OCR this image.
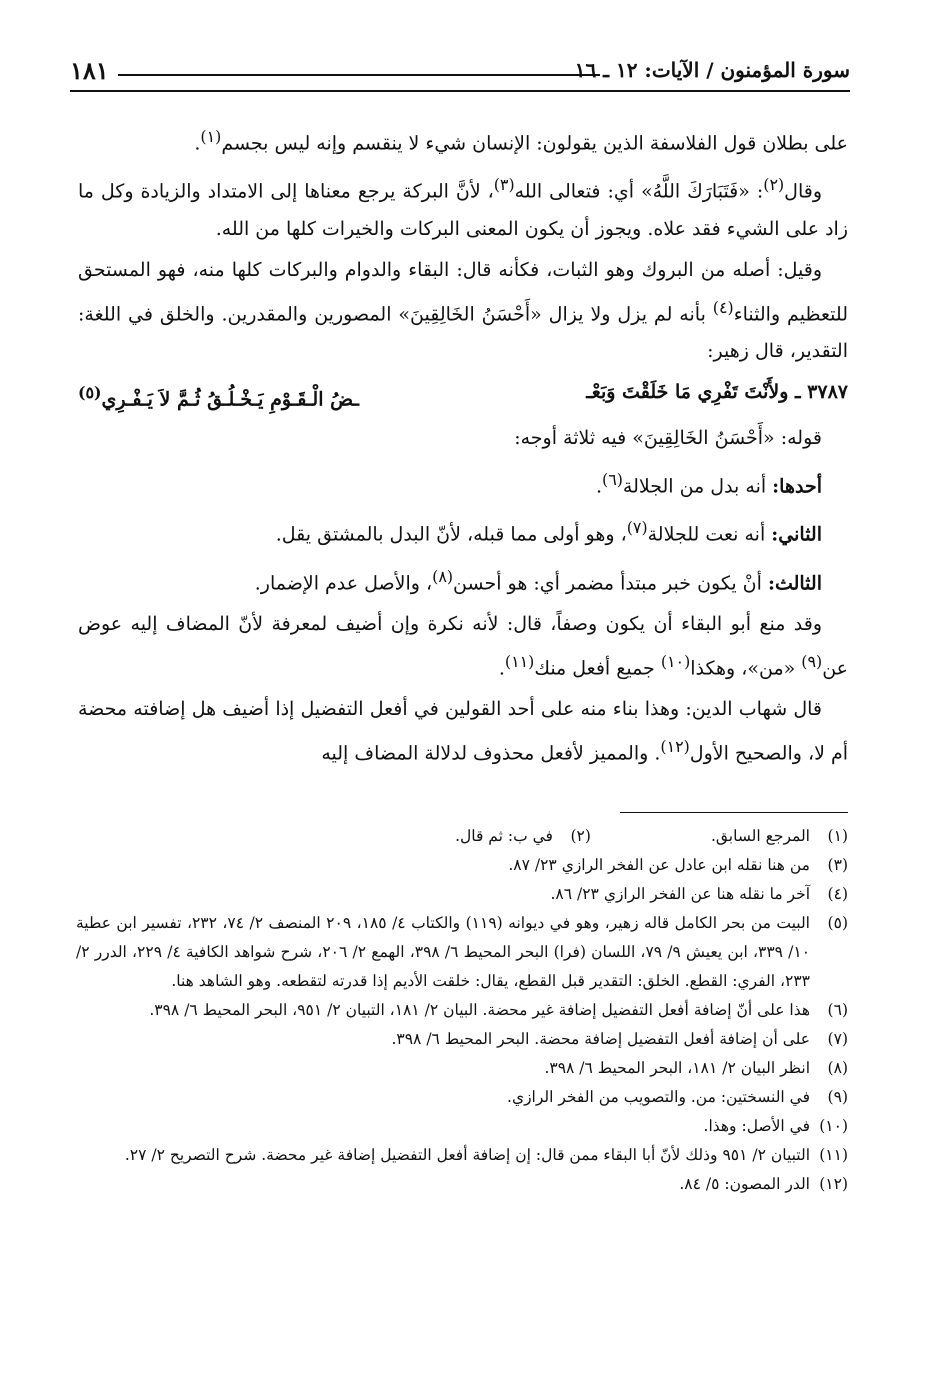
سورة المؤمنون / الآيات: ١٢ ـ ١٦
١٨١

على بطلان قول الفلاسفة الذين يقولون: الإنسان شيء لا ينقسم وإنه ليس بجسم$^{(١)}$.

وقال$^{(٢)}$: «فَتَبَارَكَ اللَّهُ» أي: فتعالى الله$^{(٣)}$، لأنَّ البركة يرجع معناها إلى الامتداد والزيادة وكل ما زاد على الشيء فقد علاه. ويجوز أن يكون المعنى البركات والخيرات كلها من الله.

وقيل: أصله من البروك وهو الثبات، فكأنه قال: البقاء والدوام والبركات كلها منه، فهو المستحق للتعظيم والثناء$^{(٤)}$ بأنه لم يزل ولا يزال «أَحْسَنُ الخَالِقِينَ» المصورين والمقدرين. والخلق في اللغة: التقدير، قال زهير:

٣٧٨٧ ـ ولأَنْتَ تَفْرِي مَا خَلَقْتَ وَبَعْـ
ـضُ الْـقَـوْمِ يَـخْـلُـقُ ثُـمَّ لاَ يَـفْـرِي$^{(٥)}$

قوله: «أَحْسَنُ الخَالِقِينَ» فيه ثلاثة أوجه:

أحدها: أنه بدل من الجلالة$^{(٦)}$.

الثاني: أنه نعت للجلالة$^{(٧)}$، وهو أولى مما قبله، لأنّ البدل بالمشتق يقل.

الثالث: أنْ يكون خبر مبتدأ مضمر أي: هو أحسن$^{(٨)}$، والأصل عدم الإضمار.

وقد منع أبو البقاء أن يكون وصفاً، قال: لأنه نكرة وإن أضيف لمعرفة لأنّ المضاف إليه عوض عن$^{(٩)}$ «من»، وهكذا$^{(١٠)}$ جميع أفعل منك$^{(١١)}$.

قال شهاب الدين: وهذا بناء منه على أحد القولين في أفعل التفضيل إذا أضيف هل إضافته محضة أم لا، والصحيح الأول$^{(١٢)}$. والمميز لأفعل محذوف لدلالة المضاف إليه

(١)
المرجع السابق.
(٢)
في ب: ثم قال.
(٣)
من هنا نقله ابن عادل عن الفخر الرازي ٢٣/ ٨٧.
(٤)
آخر ما نقله هنا عن الفخر الرازي ٢٣/ ٨٦.
(٥)
البيت من بحر الكامل قاله زهير، وهو في ديوانه (١١٩) والكتاب ٤/ ١٨٥، ٢٠٩ المنصف ٢/ ٧٤، ٢٣٢، تفسير ابن عطية ١٠/ ٣٣٩، ابن يعيش ٩/ ٧٩، اللسان (فرا) البحر المحيط ٦/ ٣٩٨، الهمع ٢/ ٢٠٦، شرح شواهد الكافية ٤/ ٢٢٩، الدرر ٢/ ٢٣٣، الفري: القطع. الخلق: التقدير قبل القطع، يقال: خلقت الأديم إذا قدرته لتقطعه. وهو الشاهد هنا.
(٦)
هذا على أنّ إضافة أفعل التفضيل إضافة غير محضة. البيان ٢/ ١٨١، التبيان ٢/ ٩٥١، البحر المحيط ٦/ ٣٩٨.
(٧)
على أن إضافة أفعل التفضيل إضافة محضة. البحر المحيط ٦/ ٣٩٨.
(٨)
انظر البيان ٢/ ١٨١، البحر المحيط ٦/ ٣٩٨.
(٩)
في النسختين: من. والتصويب من الفخر الرازي.
(١٠)
في الأصل: وهذا.
(١١)
التبيان ٢/ ٩٥١ وذلك لأنّ أبا البقاء ممن قال: إن إضافة أفعل التفضيل إضافة غير محضة. شرح التصريح ٢/ ٢٧.
(١٢)
الدر المصون: ٥/ ٨٤.
